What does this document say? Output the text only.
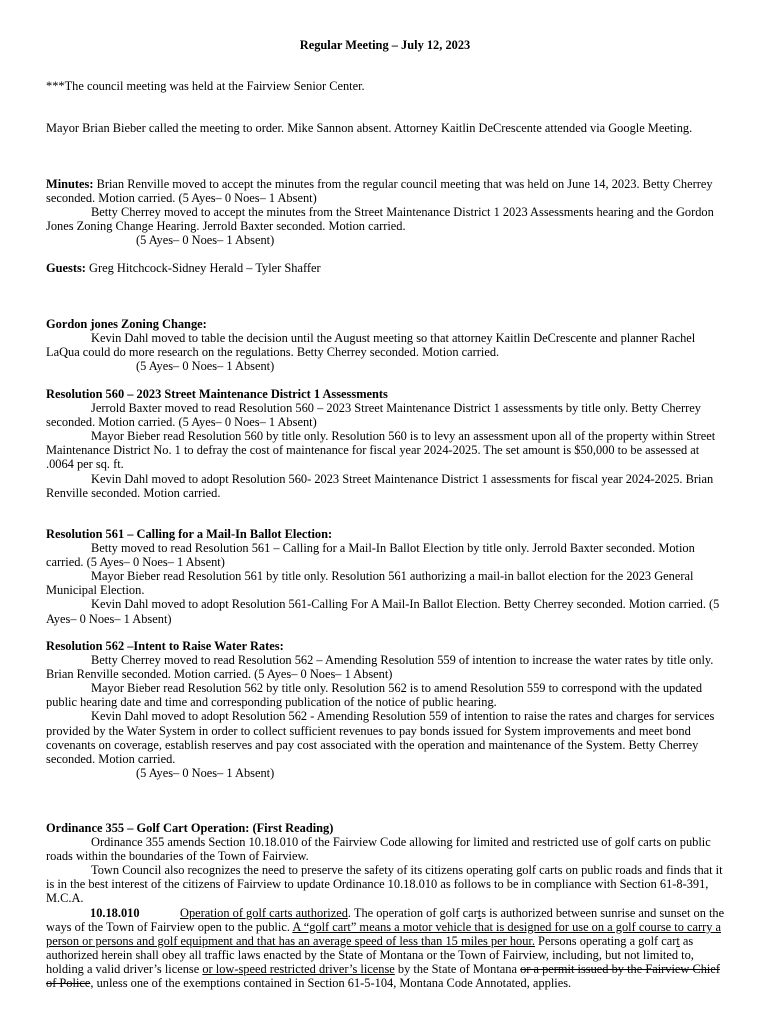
Regular Meeting – July 12, 2023

***The council meeting was held at the Fairview Senior Center.

Mayor Brian Bieber called the meeting to order. Mike Sannon absent. Attorney Kaitlin DeCrescente attended via Google Meeting.

Minutes: Brian Renville moved to accept the minutes from the regular council meeting that was held on June 14, 2023. Betty Cherrey seconded. Motion carried. (5 Ayes– 0 Noes– 1 Absent)

Betty Cherrey moved to accept the minutes from the Street Maintenance District 1 2023 Assessments hearing and the Gordon Jones Zoning Change Hearing. Jerrold Baxter seconded. Motion carried.

(5 Ayes– 0 Noes– 1 Absent)

Guests: Greg Hitchcock-Sidney Herald – Tyler Shaffer

Gordon jones Zoning Change:

Kevin Dahl moved to table the decision until the August meeting so that attorney Kaitlin DeCrescente and planner Rachel LaQua could do more research on the regulations. Betty Cherrey seconded. Motion carried.

(5 Ayes– 0 Noes– 1 Absent)

Resolution 560 – 2023 Street Maintenance District 1 Assessments

Jerrold Baxter moved to read Resolution 560 – 2023 Street Maintenance District 1 assessments by title only. Betty Cherrey seconded. Motion carried. (5 Ayes– 0 Noes– 1 Absent)

Mayor Bieber read Resolution 560 by title only. Resolution 560 is to levy an assessment upon all of the property within Street Maintenance District No. 1 to defray the cost of maintenance for fiscal year 2024-2025. The set amount is $50,000 to be assessed at .0064 per sq. ft.

Kevin Dahl moved to adopt Resolution 560- 2023 Street Maintenance District 1 assessments for fiscal year 2024-2025. Brian Renville seconded. Motion carried.

Resolution 561 – Calling for a Mail-In Ballot Election:

Betty moved to read Resolution 561 – Calling for a Mail-In Ballot Election by title only. Jerrold Baxter seconded. Motion carried. (5 Ayes– 0 Noes– 1 Absent)

Mayor Bieber read Resolution 561 by title only. Resolution 561 authorizing a mail-in ballot election for the 2023 General Municipal Election.

Kevin Dahl moved to adopt Resolution 561-Calling For A Mail-In Ballot Election. Betty Cherrey seconded. Motion carried. (5 Ayes– 0 Noes– 1 Absent)

Resolution 562 –Intent to Raise Water Rates:

Betty Cherrey moved to read Resolution 562 – Amending Resolution 559 of intention to increase the water rates by title only. Brian Renville seconded. Motion carried. (5 Ayes– 0 Noes– 1 Absent)

Mayor Bieber read Resolution 562 by title only. Resolution 562 is to amend Resolution 559 to correspond with the updated public hearing date and time and corresponding publication of the notice of public hearing.

Kevin Dahl moved to adopt Resolution 562 - Amending Resolution 559 of intention to raise the rates and charges for services provided by the Water System in order to collect sufficient revenues to pay bonds issued for System improvements and meet bond covenants on coverage, establish reserves and pay cost associated with the operation and maintenance of the System. Betty Cherrey seconded. Motion carried.

(5 Ayes– 0 Noes– 1 Absent)

Ordinance 355 – Golf Cart Operation: (First Reading)

Ordinance 355 amends Section 10.18.010 of the Fairview Code allowing for limited and restricted use of golf carts on public roads within the boundaries of the Town of Fairview.

Town Council also recognizes the need to preserve the safety of its citizens operating golf carts on public roads and finds that it is in the best interest of the citizens of Fairview to update Ordinance 10.18.010 as follows to be in compliance with Section 61-8-391, M.C.A.

10.18.010	Operation of golf carts authorized. The operation of golf carts is authorized between sunrise and sunset on the ways of the Town of Fairview open to the public. A “golf cart” means a motor vehicle that is designed for use on a golf course to carry a person or persons and golf equipment and that has an average speed of less than 15 miles per hour. Persons operating a golf cart as authorized herein shall obey all traffic laws enacted by the State of Montana or the Town of Fairview, including, but not limited to, holding a valid driver’s license or low-speed restricted driver’s license by the State of Montana or a permit issued by the Fairview Chief of Police, unless one of the exemptions contained in Section 61-5-104, Montana Code Annotated, applies.
